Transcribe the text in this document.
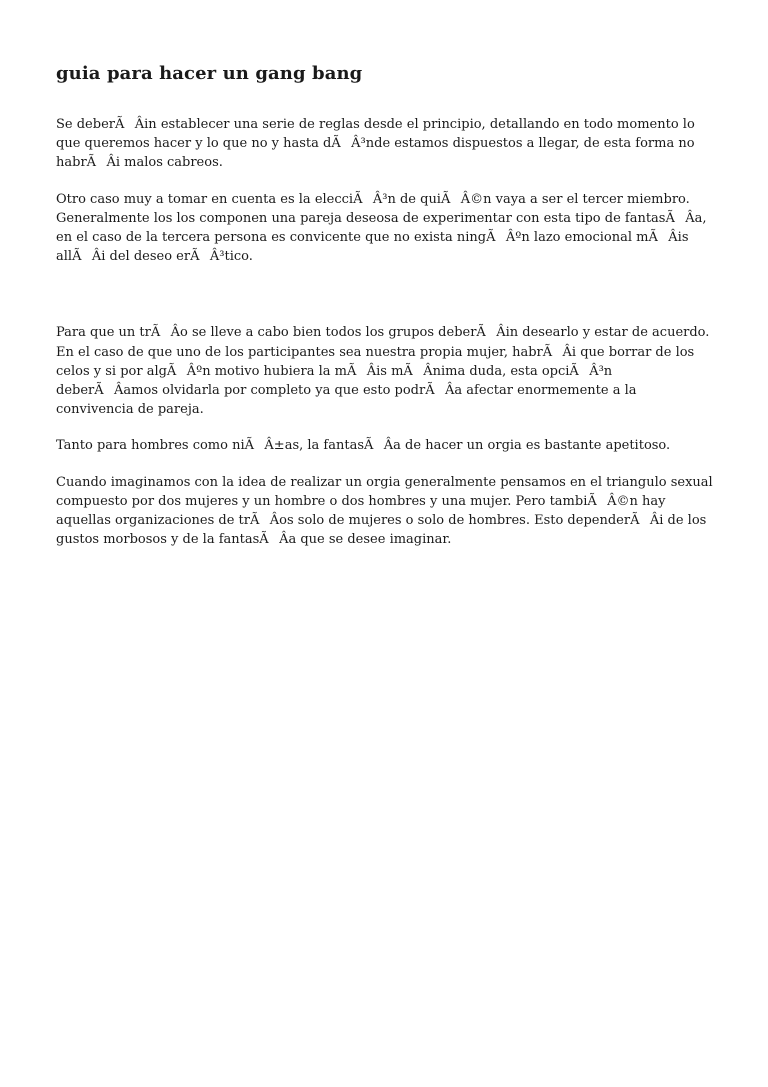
guia para hacer un gang bang

Se deberÃÂin establecer una serie de reglas desde el principio, detallando en todo momento lo que queremos hacer y lo que no y hasta dÃÂ³nde estamos dispuestos a llegar, de esta forma no habrÃÂi malos cabreos.

Otro caso muy a tomar en cuenta es la elecciÃÂ³n de quiÃÂ©n vaya a ser el tercer miembro. Generalmente los los componen una pareja deseosa de experimentar con esta tipo de fantasÃÂa, en el caso de la tercera persona es convicente que no exista ningÃÂºn lazo emocional mÃÂis allÃÂi del deseo erÃÂ³tico.

Para que un trÃÂo se lleve a cabo bien todos los grupos deberÃÂin desearlo y estar de acuerdo. En el caso de que uno de los participantes sea nuestra propia mujer, habrÃÂi que borrar de los celos y si por algÃÂºn motivo hubiera la mÃÂis mÃÂnima duda, esta opciÃÂ³n deberÃÂamos olvidarla por completo ya que esto podrÃÂa afectar enormemente a la convivencia de pareja.

Tanto para hombres como niÃÂ±as, la fantasÃÂa de hacer un orgia es bastante apetitoso.

Cuando imaginamos con la idea de realizar un orgia generalmente pensamos en el triangulo sexual compuesto por dos mujeres y un hombre o dos hombres y una mujer. Pero tambiÃÂ©n hay aquellas organizaciones de trÃÂos solo de mujeres o solo de hombres. Esto dependerÃÂi de los gustos morbosos y de la fantasÃÂa que se desee imaginar.
